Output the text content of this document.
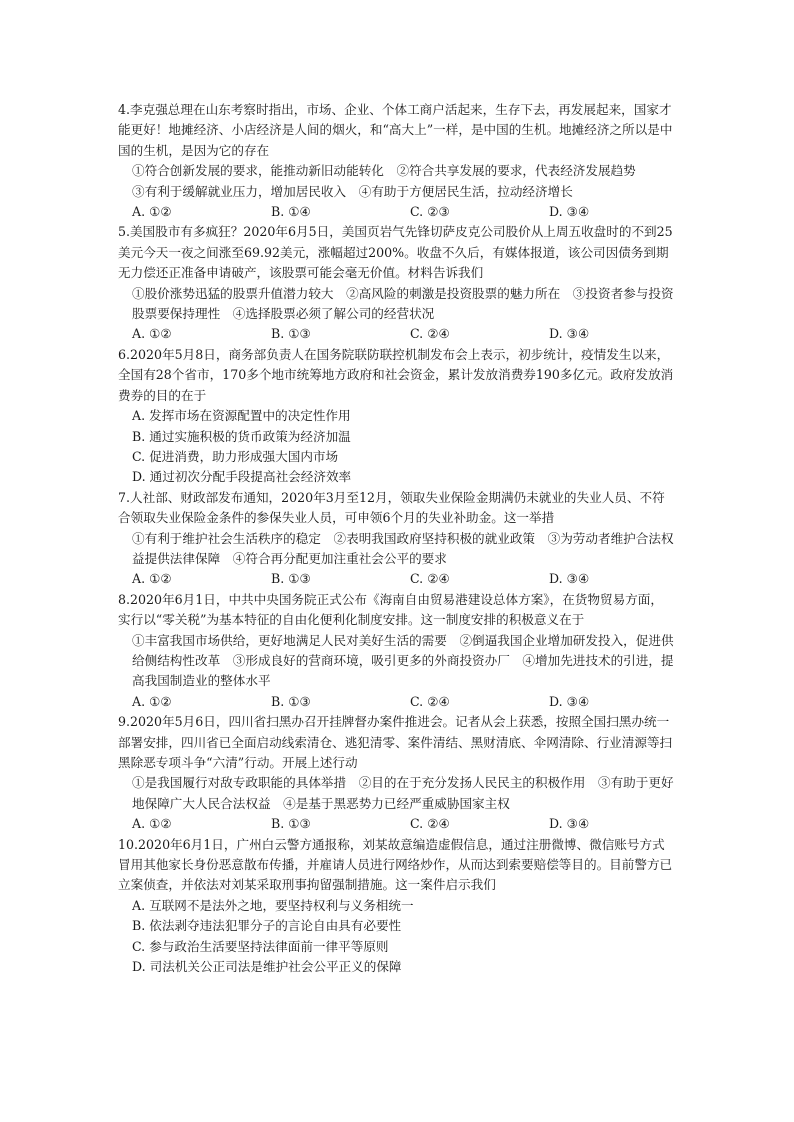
4.李克强总理在山东考察时指出，市场、企业、个体工商户活起来，生存下去，再发展起来，国家才能更好！地摊经济、小店经济是人间的烟火，和“高大上”一样，是中国的生机。地摊经济之所以是中国的生机，是因为它的存在

①符合创新发展的要求，能推动新旧动能转化　②符合共享发展的要求，代表经济发展趋势

③有利于缓解就业压力，增加居民收入　④有助于方便居民生活，拉动经济增长

A. ①②	B. ①④	C. ②③	D. ③④

5.美国股市有多疯狂？2020年6月5日，美国页岩气先锋切萨皮克公司股价从上周五收盘时的不到25美元今天一夜之间涨至69.92美元，涨幅超过200%。收盘不久后，有媒体报道，该公司因债务到期无力偿还正准备申请破产，该股票可能会毫无价值。材料告诉我们

①股价涨势迅猛的股票升值潜力较大　②高风险的刺激是投资股票的魅力所在　③投资者参与投资股票要保持理性　④选择股票必须了解公司的经营状况

A. ①②	B. ①③	C. ②④	D. ③④

6.2020年5月8日，商务部负责人在国务院联防联控机制发布会上表示，初步统计，疫情发生以来，全国有28个省市，170多个地市统筹地方政府和社会资金，累计发放消费券190多亿元。政府发放消费券的目的在于

A. 发挥市场在资源配置中的决定性作用

B. 通过实施积极的货币政策为经济加温

C. 促进消费，助力形成强大国内市场

D. 通过初次分配手段提高社会经济效率

7.人社部、财政部发布通知，2020年3月至12月，领取失业保险金期满仍未就业的失业人员、不符合领取失业保险金条件的参保失业人员，可申领6个月的失业补助金。这一举措

①有利于维护社会生活秩序的稳定　②表明我国政府坚持积极的就业政策　③为劳动者维护合法权益提供法律保障　④符合再分配更加注重社会公平的要求

A. ①②	B. ①③	C. ②④	D. ③④

8.2020年6月1日，中共中央国务院正式公布《海南自由贸易港建设总体方案》，在货物贸易方面，实行以“零关税”为基本特征的自由化便利化制度安排。这一制度安排的积极意义在于

①丰富我国市场供给，更好地满足人民对美好生活的需要　②倒逼我国企业增加研发投入，促进供给侧结构性改革　③形成良好的营商环境，吸引更多的外商投资办厂　④增加先进技术的引进，提高我国制造业的整体水平

A. ①②	B. ①③	C. ②④	D. ③④

9.2020年5月6日，四川省扫黑办召开挂牌督办案件推进会。记者从会上获悉，按照全国扫黑办统一部署安排，四川省已全面启动线索清仓、逃犯清零、案件清结、黑财清底、伞网清除、行业清源等扫黑除恶专项斗争“六清”行动。开展上述行动

①是我国履行对敌专政职能的具体举措　②目的在于充分发扬人民民主的积极作用　③有助于更好地保障广大人民合法权益　④是基于黑恶势力已经严重威胁国家主权

A. ①②	B. ①③	C. ②④	D. ③④

10.2020年6月1日，广州白云警方通报称，刘某故意编造虚假信息，通过注册微博、微信账号方式冒用其他家长身份恶意散布传播，并雇请人员进行网络炒作，从而达到索要赔偿等目的。目前警方已立案侦查，并依法对刘某采取刑事拘留强制措施。这一案件启示我们

A. 互联网不是法外之地，要坚持权利与义务相统一

B. 依法剥夺违法犯罪分子的言论自由具有必要性

C. 参与政治生活要坚持法律面前一律平等原则

D. 司法机关公正司法是维护社会公平正义的保障
